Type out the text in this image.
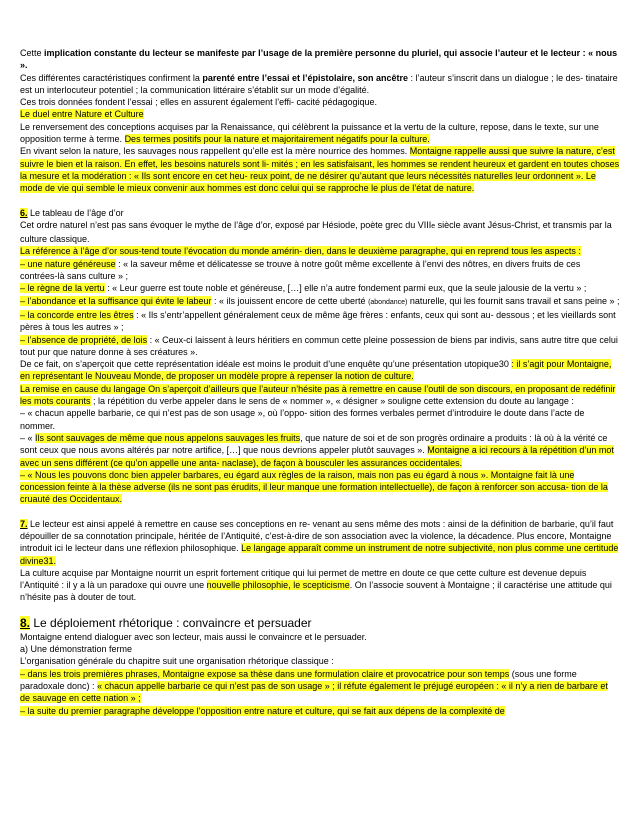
Cette implication constante du lecteur se manifeste par l’usage de la première personne du pluriel, qui associe l’auteur et le lecteur : « nous ».

Ces différentes caractéristiques confirment la parenté entre l’essai et l’épistolaire, son ancêtre : l’auteur s’inscrit dans un dialogue ; le des- tinataire est un interlocuteur potentiel ; la communication littéraire s’établit sur un mode d’égalité.

Ces trois données fondent l’essai ; elles en assurent également l’effi- cacité pédagogique.

Le duel entre Nature et Culture

Le renversement des conceptions acquises par la Renaissance, qui célèbrent la puissance et la vertu de la culture, repose, dans le texte, sur une opposition terme à terme. Des termes positifs pour la nature et majoritairement négatifs pour la culture.

En vivant selon la nature, les sauvages nous rappellent qu’elle est la mère nourrice des hommes. Montaigne rappelle aussi que suivre la nature, c’est suivre le bien et la raison. En effet, les besoins naturels sont li- mités ; en les satisfaisant, les hommes se rendent heureux et gardent en toutes choses la mesure et la modération : « Ils sont encore en cet heu- reux point, de ne désirer qu’autant que leurs nécessités naturelles leur ordonnent ». Le mode de vie qui semble le mieux convenir aux hommes est donc celui qui se rapproche le plus de l’état de nature.

6. Le tableau de l’âge d’or

Cet ordre naturel n’est pas sans évoquer le mythe de l’âge d’or, exposé par Hésiode, poète grec du VIIIe siècle avant Jésus-Christ, et transmis par la culture classique.

La référence à l’âge d’or sous-tend toute l’évocation du monde amérin- dien, dans le deuxième paragraphe, qui en reprend tous les aspects :

– une nature généreuse : « la saveur même et délicatesse se trouve à notre goût même excellente à l’envi des nôtres, en divers fruits de ces contrées-là sans culture » ;

– le règne de la vertu : « Leur guerre est toute noble et généreuse, […] elle n’a autre fondement parmi eux, que la seule jalousie de la vertu » ;

– l’abondance et la suffisance qui évite le labeur : « ils jouissent encore de cette uberté (abondance) naturelle, qui les fournit sans travail et sans peine » ;

– la concorde entre les êtres : « Ils s’entr’appellent généralement ceux de même âge frères : enfants, ceux qui sont au- dessous ; et les vieillards sont pères à tous les autres » ;

– l’absence de propriété, de lois : « Ceux-ci laissent à leurs héritiers en commun cette pleine possession de biens par indivis, sans autre titre que celui tout pur que nature donne à ses créatures ».

De ce fait, on s’aperçoit que cette représentation idéale est moins le produit d’une enquête qu’une présentation utopique30 : il s’agit pour Montaigne, en représentant le Nouveau Monde, de proposer un modèle propre à repenser la notion de culture.

La remise en cause du langage On s’aperçoit d’ailleurs que l’auteur n’hésite pas à remettre en cause l’outil de son discours, en proposant de redéfinir les mots courants ; la répétition du verbe appeler dans le sens de « nommer », « désigner » souligne cette extension du doute au langage :

– « chacun appelle barbarie, ce qui n’est pas de son usage », où l’oppo- sition des formes verbales permet d’introduire le doute dans l’acte de nommer.

– « Ils sont sauvages de même que nous appelons sauvages les fruits, que nature de soi et de son progrès ordinaire a produits : là où à la vérité ce sont ceux que nous avons altérés par notre artifice, […] que nous devrions appeler plutôt sauvages ». Montaigne a ici recours à la répétition d’un mot avec un sens différent (ce qu’on appelle une anta- naclase), de façon à bousculer les assurances occidentales.

– « Nous les pouvons donc bien appeler barbares, eu égard aux règles de la raison, mais non pas eu égard à nous ». Montaigne fait là une concession feinte à la thèse adverse (ils ne sont pas érudits, il leur manque une formation intellectuelle), de façon à renforcer son accusa- tion de la cruauté des Occidentaux.

7. Le lecteur est ainsi appelé à remettre en cause ses conceptions en re- venant au sens même des mots : ainsi de la définition de barbarie, qu’il faut dépouiller de sa connotation principale, héritée de l’Antiquité, c’est-à-dire de son association avec la violence, la décadence. Plus encore, Montaigne introduit ici le lecteur dans une réflexion philosophique. Le langage apparaît comme un instrument de notre subjectivité, non plus comme une certitude divine31.

La culture acquise par Montaigne nourrit un esprit fortement critique qui lui permet de mettre en doute ce que cette culture est devenue depuis l’Antiquité : il y a là un paradoxe qui ouvre une nouvelle philosophie, le scepticisme. On l’associe souvent à Montaigne ; il caractérise une attitude qui n’hésite pas à douter de tout.

8. Le déploiement rhétorique : convaincre et persuader

Montaigne entend dialoguer avec son lecteur, mais aussi le convaincre et le persuader.

a) Une démonstration ferme

L’organisation générale du chapitre suit une organisation rhétorique classique :

– dans les trois premières phrases, Montaigne expose sa thèse dans une formulation claire et provocatrice pour son temps (sous une forme paradoxale donc) : « chacun appelle barbarie ce qui n’est pas de son usage » ; il réfute également le préjugé européen : « il n’y a rien de barbare et de sauvage en cette nation » ;

– la suite du premier paragraphe développe l’opposition entre nature et culture, qui se fait aux dépens de la complexité de
